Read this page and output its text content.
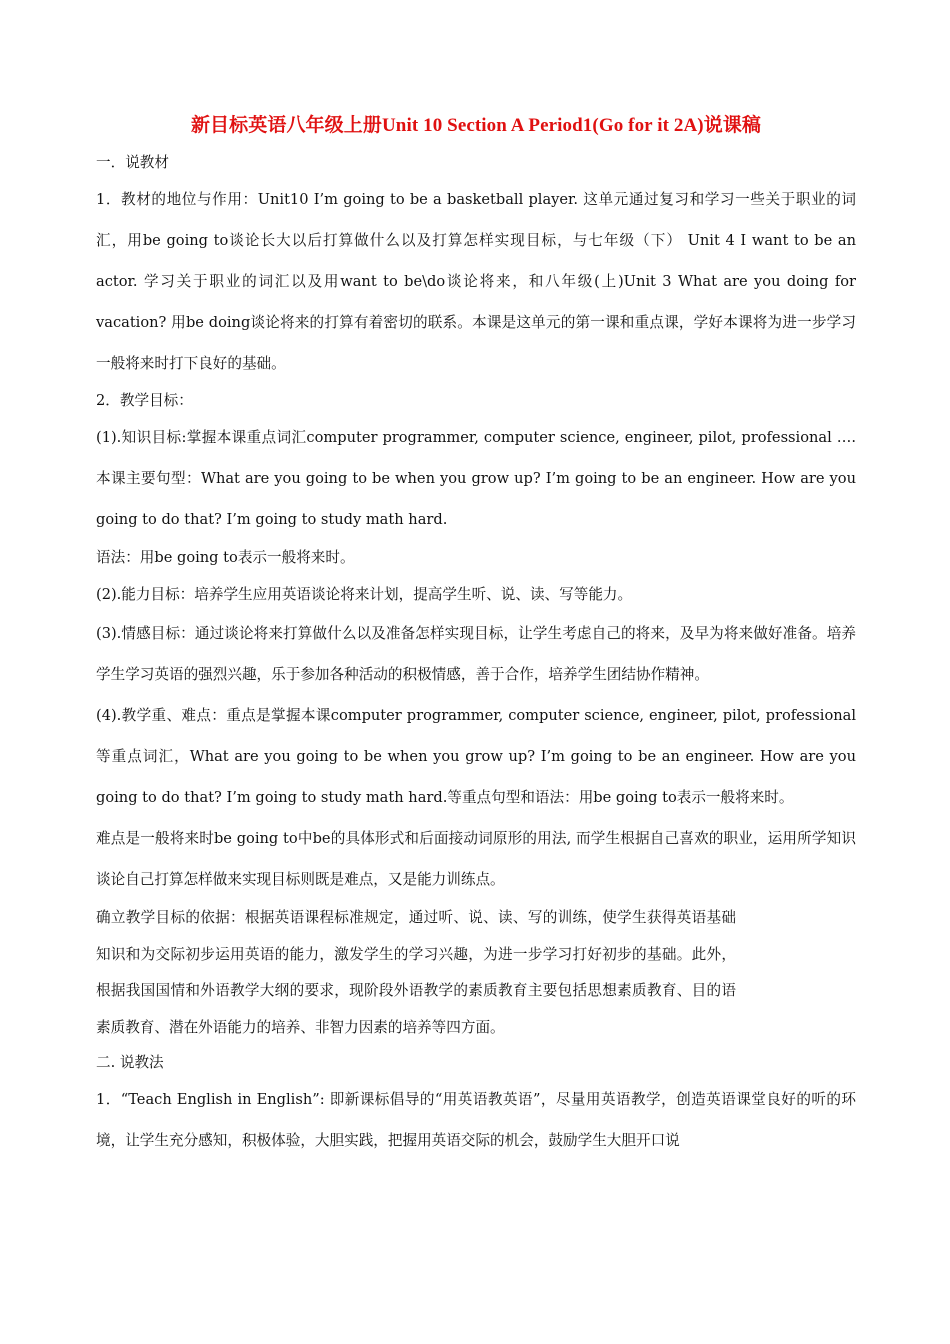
新目标英语八年级上册Unit 10 Section A Period1(Go for it 2A)说课稿

一．说教材

1．教材的地位与作用：Unit10 I’m going to be a basketball player. 这单元通过复习和学习一些关于职业的词汇，用be going to谈论长大以后打算做什么以及打算怎样实现目标，与七年级（下） Unit 4 I want to be an actor. 学习关于职业的词汇以及用want to be\do谈论将来，和八年级(上)Unit 3 What are you doing for vacation? 用be doing谈论将来的打算有着密切的联系。本课是这单元的第一课和重点课，学好本课将为进一步学习一般将来时打下良好的基础。

2．教学目标：

(1).知识目标:掌握本课重点词汇computer programmer, computer science, engineer, pilot, professional ….本课主要句型：What are you going to be when you grow up? I’m going to be an engineer. How are you going to do that? I’m going to study math hard.

语法：用be going to表示一般将来时。

(2).能力目标：培养学生应用英语谈论将来计划，提高学生听、说、读、写等能力。

(3).情感目标：通过谈论将来打算做什么以及准备怎样实现目标，让学生考虑自己的将来，及早为将来做好准备。培养学生学习英语的强烈兴趣，乐于参加各种活动的积极情感，善于合作，培养学生团结协作精神。

(4).教学重、难点：重点是掌握本课computer programmer, computer science, engineer, pilot, professional等重点词汇，What are you going to be when you grow up? I’m going to be an engineer. How are you going to do that? I’m going to study math hard.等重点句型和语法：用be going to表示一般将来时。

难点是一般将来时be going to中be的具体形式和后面接动词原形的用法, 而学生根据自己喜欢的职业，运用所学知识谈论自己打算怎样做来实现目标则既是难点，又是能力训练点。

确立教学目标的依据：根据英语课程标准规定，通过听、说、读、写的训练，使学生获得英语基础知识和为交际初步运用英语的能力，激发学生的学习兴趣，为进一步学习打好初步的基础。此外，根据我国国情和外语教学大纲的要求，现阶段外语教学的素质教育主要包括思想素质教育、目的语素质教育、潜在外语能力的培养、非智力因素的培养等四方面。

二. 说教法

1．“Teach English in English”: 即新课标倡导的“用英语教英语”，尽量用英语教学，创造英语课堂良好的听的环境，让学生充分感知，积极体验，大胆实践，把握用英语交际的机会，鼓励学生大胆开口说
